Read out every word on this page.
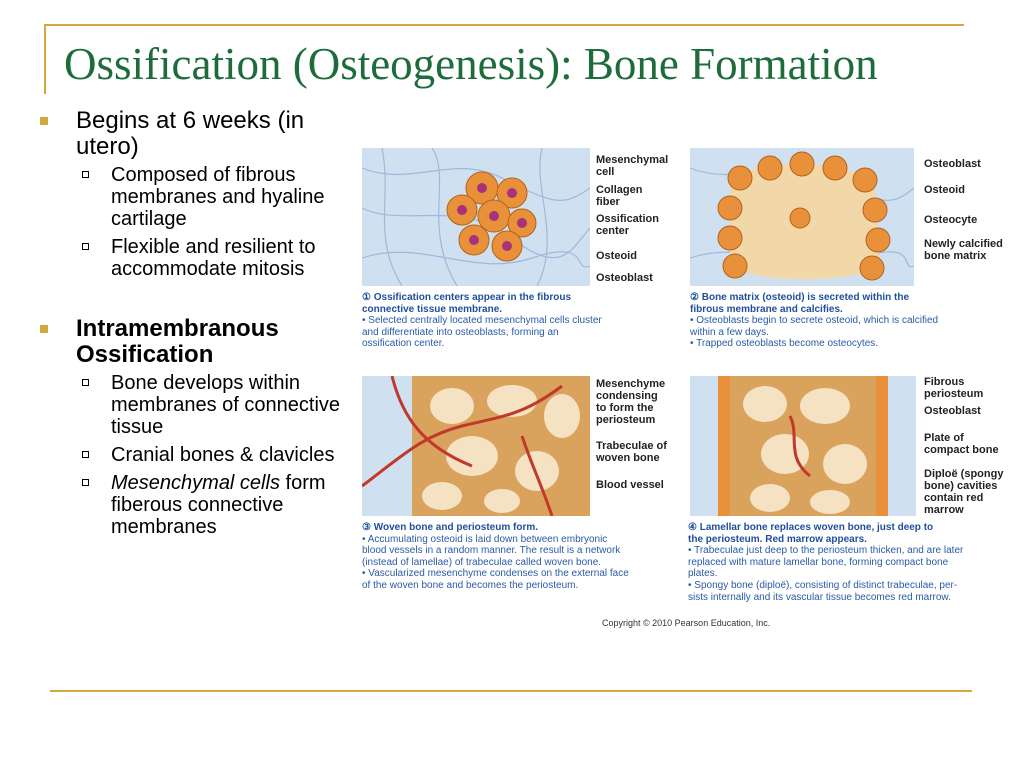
Ossification (Osteogenesis): Bone Formation
Begins at 6 weeks (in utero)
Composed of fibrous membranes and hyaline cartilage
Flexible and resilient to accommodate mitosis
Intramembranous Ossification
Bone develops within membranes of connective tissue
Cranial bones & clavicles
Mesenchymal cells form fiberous connective membranes
Mesenchymal
cell
Collagen
fiber
Ossification
center
Osteoid
Osteoblast
① Ossification centers appear in the fibrous
connective tissue membrane.
• Selected centrally located mesenchymal cells cluster
and differentiate into osteoblasts, forming an
ossification center.
Osteoblast
Osteoid
Osteocyte
Newly calcified
bone matrix
② Bone matrix (osteoid) is secreted within the
fibrous membrane and calcifies.
• Osteoblasts begin to secrete osteoid, which is calcified
within a few days.
• Trapped osteoblasts become osteocytes.
Mesenchyme
condensing
to form the
periosteum
Trabeculae of
woven bone
Blood vessel
③ Woven bone and periosteum form.
• Accumulating osteoid is laid down between embryonic
blood vessels in a random manner. The result is a network
(instead of lamellae) of trabeculae called woven bone.
• Vascularized mesenchyme condenses on the external face
of the woven bone and becomes the periosteum.
Fibrous
periosteum
Osteoblast
Plate of
compact bone
Diploë (spongy
bone) cavities
contain red
marrow
④ Lamellar bone replaces woven bone, just deep to
the periosteum. Red marrow appears.
• Trabeculae just deep to the periosteum thicken, and are later
replaced with mature lamellar bone, forming compact bone
plates.
• Spongy bone (diploë), consisting of distinct trabeculae, per-
sists internally and its vascular tissue becomes red marrow.
Copyright © 2010 Pearson Education, Inc.
